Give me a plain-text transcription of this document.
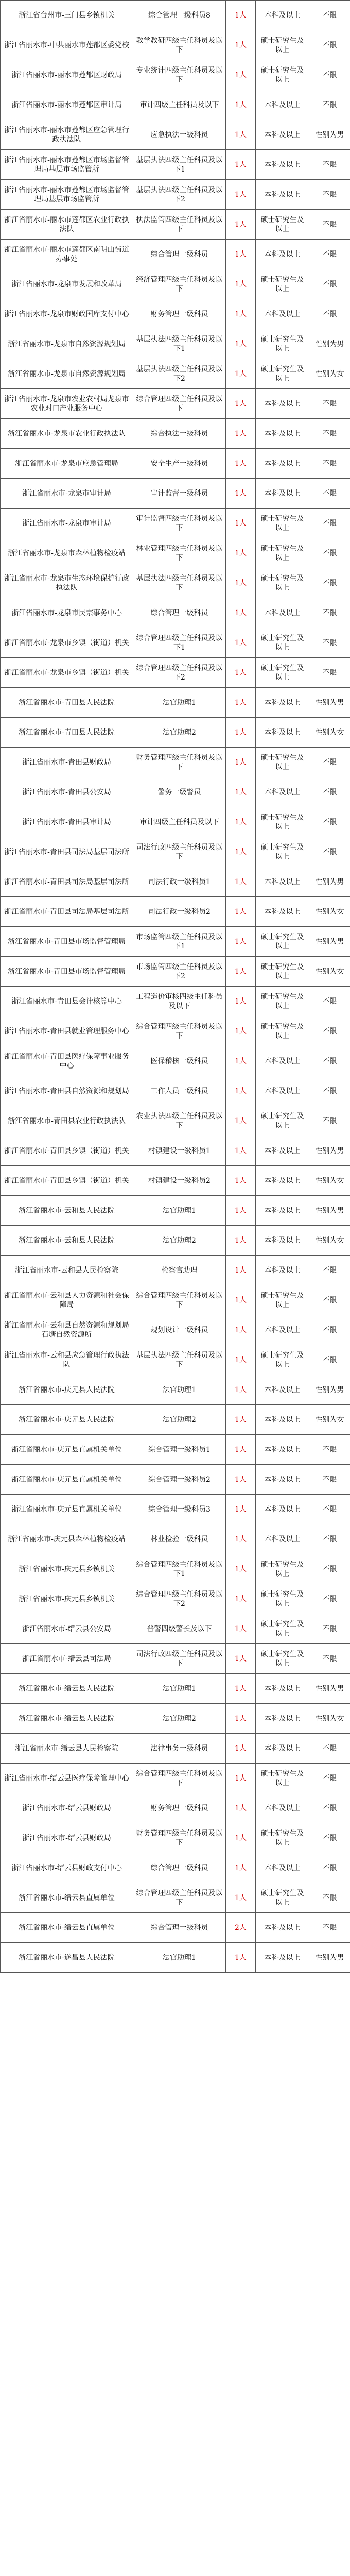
浙江省台州市-三门县乡镇机关	综合管理一级科员8	1人	本科及以上	不限
浙江省丽水市-中共丽水市莲都区委党校	教学教研四级主任科员及以下	1人	硕士研究生及以上	不限
浙江省丽水市-丽水市莲都区财政局	专业统计四级主任科员及以下	1人	硕士研究生及以上	不限
浙江省丽水市-丽水市莲都区审计局	审计四级主任科员及以下	1人	本科及以上	不限
浙江省丽水市-丽水市莲都区应急管理行政执法队	应急执法一级科员	1人	本科及以上	性别为男
浙江省丽水市-丽水市莲都区市场监督管理局基层市场监管所	基层执法四级主任科员及以下1	1人	本科及以上	不限
浙江省丽水市-丽水市莲都区市场监督管理局基层市场监管所	基层执法四级主任科员及以下2	1人	本科及以上	不限
浙江省丽水市-丽水市莲都区农业行政执法队	执法监管四级主任科员及以下	1人	硕士研究生及以上	不限
浙江省丽水市-丽水市莲都区南明山街道办事处	综合管理一级科员	1人	本科及以上	不限
浙江省丽水市-龙泉市发展和改革局	经济管理四级主任科员及以下	1人	硕士研究生及以上	不限
浙江省丽水市-龙泉市财政国库支付中心	财务管理一级科员	1人	本科及以上	不限
浙江省丽水市-龙泉市自然资源规划局	基层执法四级主任科员及以下1	1人	硕士研究生及以上	性别为男
浙江省丽水市-龙泉市自然资源规划局	基层执法四级主任科员及以下2	1人	硕士研究生及以上	性别为女
浙江省丽水市-龙泉市农业农村局龙泉市农业对口产业服务中心	综合管理四级主任科员及以下	1人	本科及以上	不限
浙江省丽水市-龙泉市农业行政执法队	综合执法一级科员	1人	本科及以上	不限
浙江省丽水市-龙泉市应急管理局	安全生产一级科员	1人	本科及以上	不限
浙江省丽水市-龙泉市审计局	审计监督一级科员	1人	本科及以上	不限
浙江省丽水市-龙泉市审计局	审计监督四级主任科员及以下	1人	硕士研究生及以上	不限
浙江省丽水市-龙泉市森林植物检疫站	林业管理四级主任科员及以下	1人	硕士研究生及以上	不限
浙江省丽水市-龙泉市生态环境保护行政执法队	基层执法四级主任科员及以下	1人	硕士研究生及以上	不限
浙江省丽水市-龙泉市民宗事务中心	综合管理一级科员	1人	本科及以上	不限
浙江省丽水市-龙泉市乡镇（街道）机关	综合管理四级主任科员及以下1	1人	硕士研究生及以上	不限
浙江省丽水市-龙泉市乡镇（街道）机关	综合管理四级主任科员及以下2	1人	硕士研究生及以上	不限
浙江省丽水市-青田县人民法院	法官助理1	1人	本科及以上	性别为男
浙江省丽水市-青田县人民法院	法官助理2	1人	本科及以上	性别为女
浙江省丽水市-青田县财政局	财务管理四级主任科员及以下	1人	硕士研究生及以上	不限
浙江省丽水市-青田县公安局	警务一级警员	1人	本科及以上	不限
浙江省丽水市-青田县审计局	审计四级主任科员及以下	1人	硕士研究生及以上	不限
浙江省丽水市-青田县司法局基层司法所	司法行政四级主任科员及以下	1人	硕士研究生及以上	不限
浙江省丽水市-青田县司法局基层司法所	司法行政一级科员1	1人	本科及以上	性别为男
浙江省丽水市-青田县司法局基层司法所	司法行政一级科员2	1人	本科及以上	性别为女
浙江省丽水市-青田县市场监督管理局	市场监管四级主任科员及以下1	1人	硕士研究生及以上	性别为男
浙江省丽水市-青田县市场监督管理局	市场监管四级主任科员及以下2	1人	硕士研究生及以上	性别为女
浙江省丽水市-青田县会计核算中心	工程造价审核四级主任科员及以下	1人	硕士研究生及以上	不限
浙江省丽水市-青田县就业管理服务中心	综合管理四级主任科员及以下	1人	硕士研究生及以上	不限
浙江省丽水市-青田县医疗保障事业服务中心	医保稽核一级科员	1人	本科及以上	不限
浙江省丽水市-青田县自然资源和规划局	工作人员一级科员	1人	本科及以上	不限
浙江省丽水市-青田县农业行政执法队	农业执法四级主任科员及以下	1人	硕士研究生及以上	不限
浙江省丽水市-青田县乡镇（街道）机关	村镇建设一级科员1	1人	本科及以上	性别为男
浙江省丽水市-青田县乡镇（街道）机关	村镇建设一级科员2	1人	本科及以上	性别为女
浙江省丽水市-云和县人民法院	法官助理1	1人	本科及以上	性别为男
浙江省丽水市-云和县人民法院	法官助理2	1人	本科及以上	性别为女
浙江省丽水市-云和县人民检察院	检察官助理	1人	本科及以上	不限
浙江省丽水市-云和县人力资源和社会保障局	综合管理四级主任科员及以下	1人	硕士研究生及以上	不限
浙江省丽水市-云和县自然资源和规划局石塘自然资源所	规划设计一级科员	1人	本科及以上	不限
浙江省丽水市-云和县应急管理行政执法队	基层执法四级主任科员及以下	1人	硕士研究生及以上	不限
浙江省丽水市-庆元县人民法院	法官助理1	1人	本科及以上	性别为男
浙江省丽水市-庆元县人民法院	法官助理2	1人	本科及以上	性别为女
浙江省丽水市-庆元县直属机关单位	综合管理一级科员1	1人	本科及以上	不限
浙江省丽水市-庆元县直属机关单位	综合管理一级科员2	1人	本科及以上	不限
浙江省丽水市-庆元县直属机关单位	综合管理一级科员3	1人	本科及以上	不限
浙江省丽水市-庆元县森林植物检疫站	林业检验一级科员	1人	本科及以上	不限
浙江省丽水市-庆元县乡镇机关	综合管理四级主任科员及以下1	1人	硕士研究生及以上	不限
浙江省丽水市-庆元县乡镇机关	综合管理四级主任科员及以下2	1人	硕士研究生及以上	不限
浙江省丽水市-缙云县公安局	普警四级警长及以下	1人	硕士研究生及以上	不限
浙江省丽水市-缙云县司法局	司法行政四级主任科员及以下	1人	硕士研究生及以上	不限
浙江省丽水市-缙云县人民法院	法官助理1	1人	本科及以上	性别为男
浙江省丽水市-缙云县人民法院	法官助理2	1人	本科及以上	性别为女
浙江省丽水市-缙云县人民检察院	法律事务一级科员	1人	本科及以上	不限
浙江省丽水市-缙云县医疗保障管理中心	综合管理四级主任科员及以下	1人	硕士研究生及以上	不限
浙江省丽水市-缙云县财政局	财务管理一级科员	1人	本科及以上	不限
浙江省丽水市-缙云县财政局	财务管理四级主任科员及以下	1人	硕士研究生及以上	不限
浙江省丽水市-缙云县财政支付中心	综合管理一级科员	1人	本科及以上	不限
浙江省丽水市-缙云县直属单位	综合管理四级主任科员及以下	1人	硕士研究生及以上	不限
浙江省丽水市-缙云县直属单位	综合管理一级科员	2人	本科及以上	不限
浙江省丽水市-遂昌县人民法院	法官助理1	1人	本科及以上	性别为男
